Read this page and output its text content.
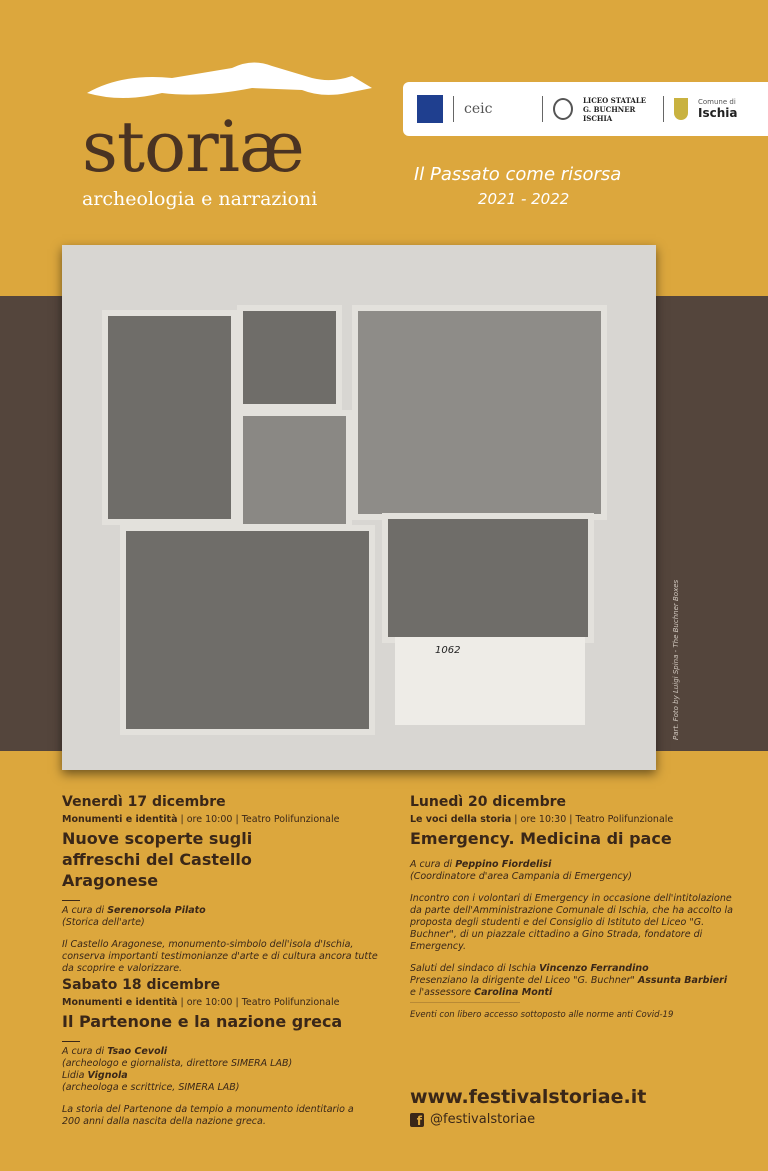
storiæ
archeologia e narrazioni
ceic
LICEO STATALE G. BUCHNER ISCHIA
Comune di
Ischia
Il Passato come risorsa
2021 - 2022
1062	Part. Foto by Luigi Spina - The Buchner Boxes
Venerdì 17 dicembre
Monumenti e identità | ore 10:00 | Teatro Polifunzionale
Nuove scoperte sugli affreschi del Castello Aragonese
A cura di Serenorsola Pilato
(Storica dell'arte)
Il Castello Aragonese, monumento-simbolo dell'isola d'Ischia, conserva importanti testimonianze d'arte e di cultura ancora tutte da scoprire e valorizzare.
Sabato 18 dicembre
Monumenti e identità | ore 10:00 | Teatro Polifunzionale
Il Partenone e la nazione greca
A cura di Tsao Cevoli
(archeologo e giornalista, direttore SIMERA LAB)
Lidia Vignola
(archeologa e scrittrice, SIMERA LAB)
La storia del Partenone da tempio a monumento identitario a 200 anni dalla nascita della nazione greca.
Lunedì 20 dicembre
Le voci della storia | ore 10:30 | Teatro Polifunzionale
Emergency. Medicina di pace
A cura di Peppino Fiordelisi
(Coordinatore d'area Campania di Emergency)
Incontro con i volontari di Emergency in occasione dell'intitolazione da parte dell'Amministrazione Comunale di Ischia, che ha accolto la proposta degli studenti e del Consiglio di Istituto del Liceo "G. Buchner", di un piazzale cittadino a Gino Strada, fondatore di Emergency.
Saluti del sindaco di Ischia Vincenzo Ferrandino
Presenziano la dirigente del Liceo "G. Buchner" Assunta Barbieri
e l'assessore Carolina Monti
Eventi con libero accesso sottoposto alle norme anti Covid-19
www.festivalstoriae.it
f @festivalstoriae
